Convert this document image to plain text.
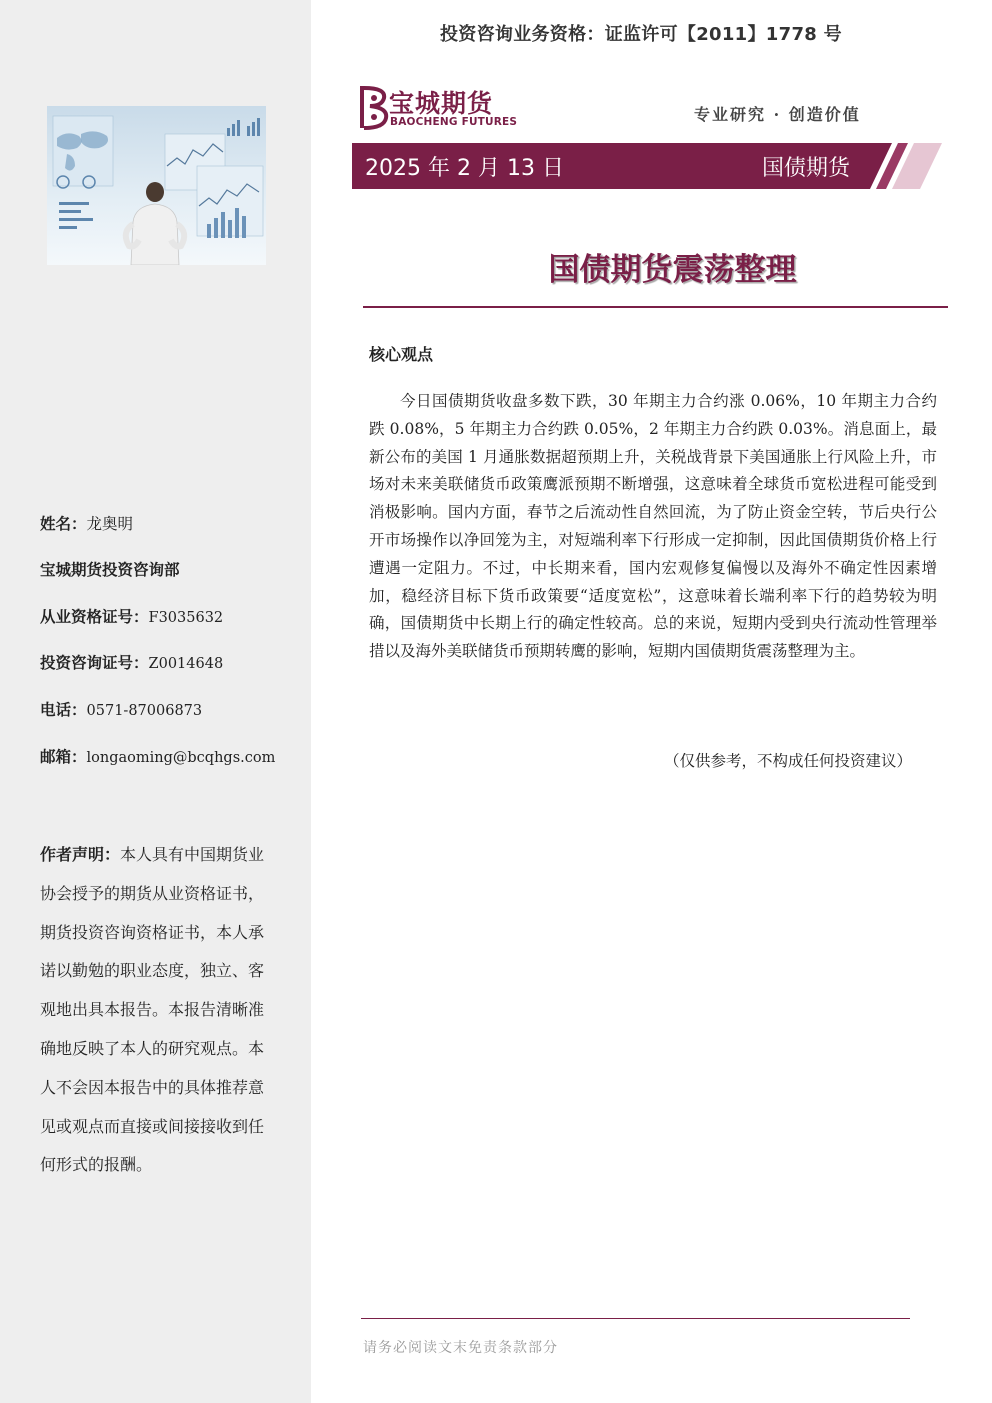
姓名：龙奥明
宝城期货投资咨询部
从业资格证号：F3035632
投资咨询证号：Z0014648
电话：0571-87006873
邮箱：longaoming@bcqhgs.com
作者声明：本人具有中国期货业协会授予的期货从业资格证书，期货投资咨询资格证书，本人承诺以勤勉的职业态度，独立、客观地出具本报告。本报告清晰准确地反映了本人的研究观点。本人不会因本报告中的具体推荐意见或观点而直接或间接接收到任何形式的报酬。
投资咨询业务资格：证监许可【2011】1778 号
宝城期货
BAOCHENG FUTURES	专业研究 · 创造价值
2025 年 2 月 13 日	国债期货
国债期货震荡整理
核心观点
今日国债期货收盘多数下跌，30 年期主力合约涨 0.06%，10 年期主力合约跌 0.08%，5 年期主力合约跌 0.05%，2 年期主力合约跌 0.03%。消息面上，最新公布的美国 1 月通胀数据超预期上升，关税战背景下美国通胀上行风险上升，市场对未来美联储货币政策鹰派预期不断增强，这意味着全球货币宽松进程可能受到消极影响。国内方面，春节之后流动性自然回流，为了防止资金空转，节后央行公开市场操作以净回笼为主，对短端利率下行形成一定抑制，因此国债期货价格上行遭遇一定阻力。不过，中长期来看，国内宏观修复偏慢以及海外不确定性因素增加，稳经济目标下货币政策要“适度宽松”，这意味着长端利率下行的趋势较为明确，国债期货中长期上行的确定性较高。总的来说，短期内受到央行流动性管理举措以及海外美联储货币预期转鹰的影响，短期内国债期货震荡整理为主。
（仅供参考，不构成任何投资建议）
请务必阅读文末免责条款部分
